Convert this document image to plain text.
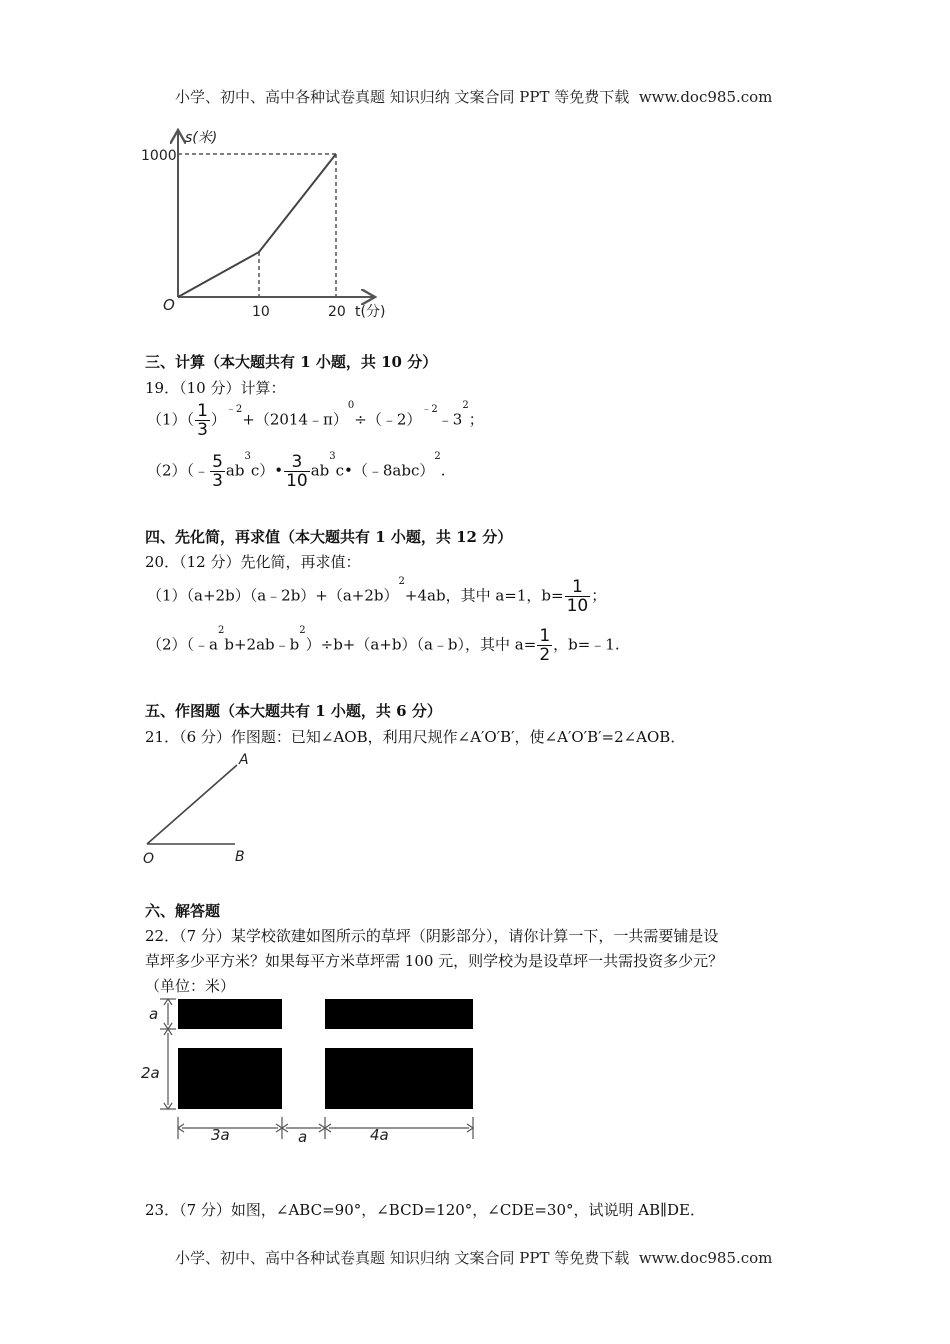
小学、初中、高中各种试卷真题 知识归纳 文案合同 PPT 等免费下载 www.doc985.com
s(米)
1000
O	10	20 t(分)
三、计算（本大题共有 1 小题，共 10 分）
19．（10 分）计算：
$(1)( \frac{1}{3}$ ）$^{﹣2}+(2014﹣\pi)^0\div(﹣2)^{﹣2}﹣3^2$；
（2）（﹣ $\frac{5}{3}$ $ab^3c)• \frac{3}{10}$ $ab^3c•(﹣8abc)^2$.
四、先化简，再求值（本大题共有 1 小题，共 12 分）
20．（12 分）先化简，再求值：
$(1)(a+2b)(a﹣2b)+(a+2b)^2+4ab$，其中 a=1，$b= \frac{1}{10}$ ；
$(2)(﹣a^2b+2ab﹣b^2)\div b+(a+b)(a﹣b)$，其中 $a= \frac{1}{2}$ ，b=﹣1.
五、作图题（本大题共有 1 小题，共 6 分）
21．（6 分）作图题：已知∠AOB，利用尺规作∠A′O′B′，使∠A′O′B′=2∠AOB．
A
O	B
六、解答题
22．（7 分）某学校欲建如图所示的草坪（阴影部分），请你计算一下，一共需要铺是设
草坪多少平方米？如果每平方米草坪需 100 元，则学校为是设草坪一共需投资多少元？
（单位：米）
a
2a
3a	a	4a
23．（7 分）如图，∠ABC=90°，∠BCD=120°，∠CDE=30°，试说明 AB∥DE．
小学、初中、高中各种试卷真题 知识归纳 文案合同 PPT 等免费下载 www.doc985.com
